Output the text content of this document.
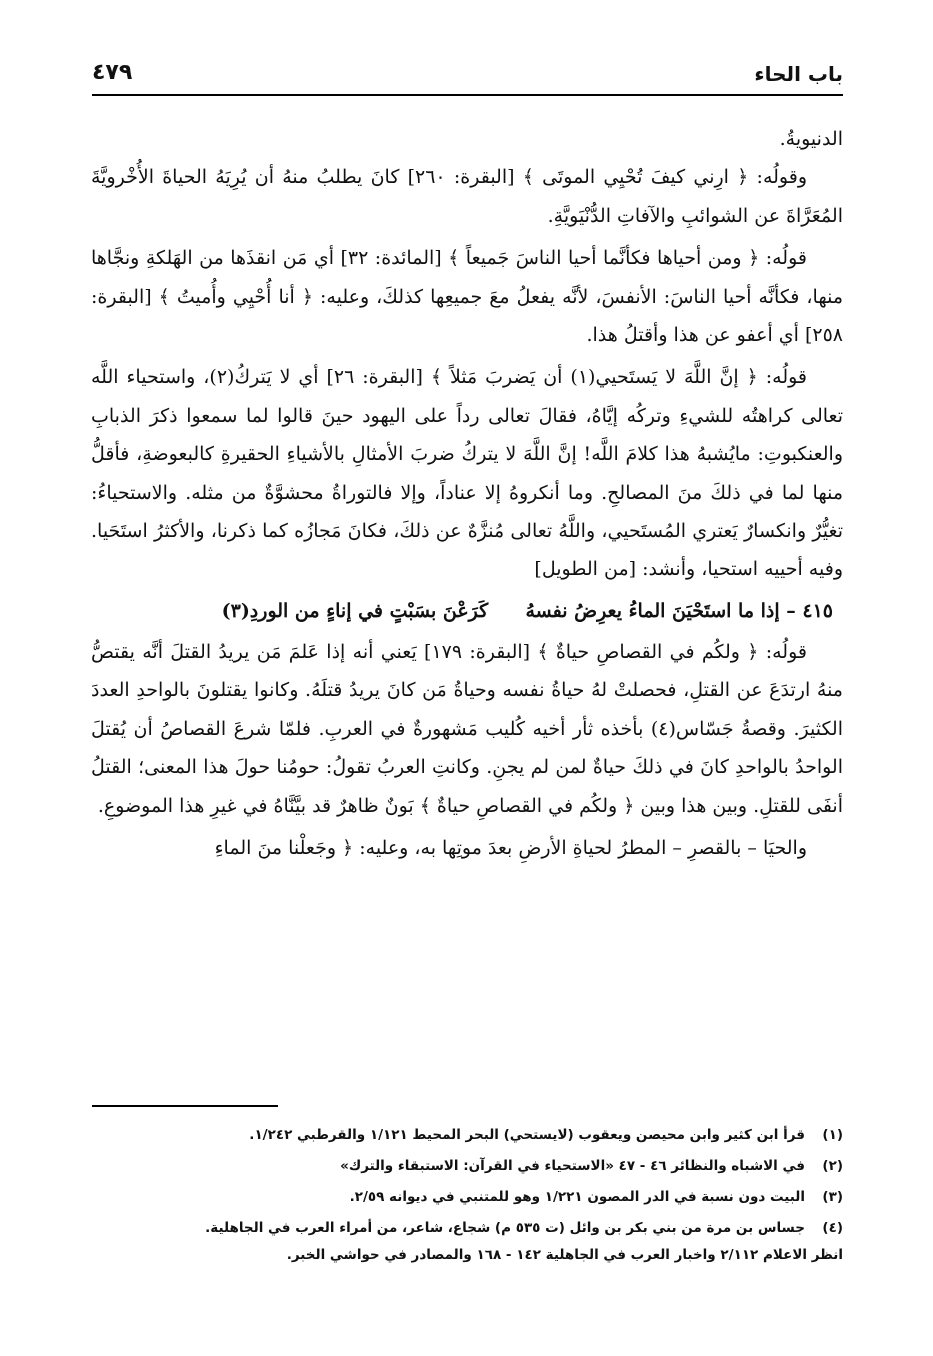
باب الحاء
٤٧٩

الدنيويةُ.

وقولُه: ﴿ ارِني كيفَ تُحْيِي الموتَى ﴾ [البقرة: ٢٦٠] كانَ يطلبُ منهُ أن يُرِيَهُ الحياةَ الأُخْرويَّةَ المُعَرَّاةَ عن الشوائبِ والآفاتِ الدُّنْيَويَّةِ.

قولُه: ﴿ ومن أحياها فكأنَّما أحيا الناسَ جَميعاً ﴾ [المائدة: ٣٢] أي مَن انقذَها من الهَلكةِ ونجَّاها منها، فكأنَّه أحيا الناسَ: الأنفسَ، لأنَّه يفعلُ معَ جميعِها كذلكَ، وعليه: ﴿ أنا أُحْيِي وأُميتُ ﴾ [البقرة: ٢٥٨] أي أعفو عن هذا وأقتلُ هذا.

قولُه: ﴿ إنَّ اللَّهَ لا يَستَحيي(١) أن يَضربَ مَثلاً ﴾ [البقرة: ٢٦] أي لا يَتركُ(٢)، واستحياء اللَّه تعالى كراهتُه للشيءِ وتركُه إيَّاهُ، فقالَ تعالى رداً على اليهود حينَ قالوا لما سمعوا ذكرَ الذبابِ والعنكبوتِ: مايُشبهُ هذا كلامَ اللَّه! إنَّ اللَّهَ لا يتركُ ضربَ الأمثالِ بالأشياءِ الحقيرةِ كالبعوضةِ، فأقلُّ منها لما في ذلكَ منَ المصالحِ. وما أنكروهُ إلا عناداً، وإلا فالتوراةُ محشوَّةٌ من مثله. والاستحياءُ: تغيُّرٌ وانكسارٌ يَعتري المُستَحيي، واللَّهُ تعالى مُنزَّهٌ عن ذلكَ، فكانَ مَجازُه كما ذكرنا، والأكثرُ استَحَيا. وفيه أحييه استحيا، وأنشد: [من الطويل]

٤١٥ – إذا ما استَحْيَنَ الماءُ يعرِضُ نفسهُ  كَرَعْنَ بسَبْتٍ في إناءٍ من الوردِ(٣)

قولُه: ﴿ ولكُم في القصاصِ حياةٌ ﴾ [البقرة: ١٧٩] يَعني أنه إذا عَلمَ مَن يريدُ القتلَ أنَّه يقتصُّ منهُ ارتدَعَ عن القتلِ، فحصلتْ لهُ حياةُ نفسه وحياةُ مَن كانَ يريدُ قتلَهُ. وكانوا يقتلونَ بالواحدِ العددَ الكثيرَ. وقصةُ جَسّاس(٤) بأخذه ثأر أخيه كُليب مَشهورةٌ في العربِ. فلمّا شرعَ القصاصُ أن يُقتلَ الواحدُ بالواحدِ كانَ في ذلكَ حياةٌ لمن لم يجنِ. وكانتِ العربُ تقولُ: حومُنا حولَ هذا المعنى؛ القتلُ أنفَى للقتلِ. وبين هذا وبين ﴿ ولكُم في القصاصِ حياةٌ ﴾ بَونٌ ظاهرٌ قد بيَّنَّاهُ في غيرِ هذا الموضوعِ.

والحيَا – بالقصرِ – المطرُ لحياةِ الأرضِ بعدَ موتِها به، وعليه: ﴿ وجَعلْنا منَ الماءِ

(١)قرأ ابن كثير وابن محيصن ويعقوب (لايستحي) البحر المحيط ١/١٢١ والقرطبي ١/٢٤٢.

(٢)في الاشباه والنظائر ٤٦ - ٤٧ «الاستحياء في القرآن: الاستبقاء والترك»

(٣)البيت دون نسبة في الدر المصون ١/٢٢١ وهو للمتنبي في ديوانه ٢/٥٩.

(٤)جساس بن مرة من بني بكر بن وائل (ت ٥٣٥ م) شجاع، شاعر، من أمراء العرب في الجاهلية.

انظر الاعلام ٢/١١٢ واخبار العرب في الجاهلية ١٤٢ - ١٦٨ والمصادر في حواشي الخبر.
